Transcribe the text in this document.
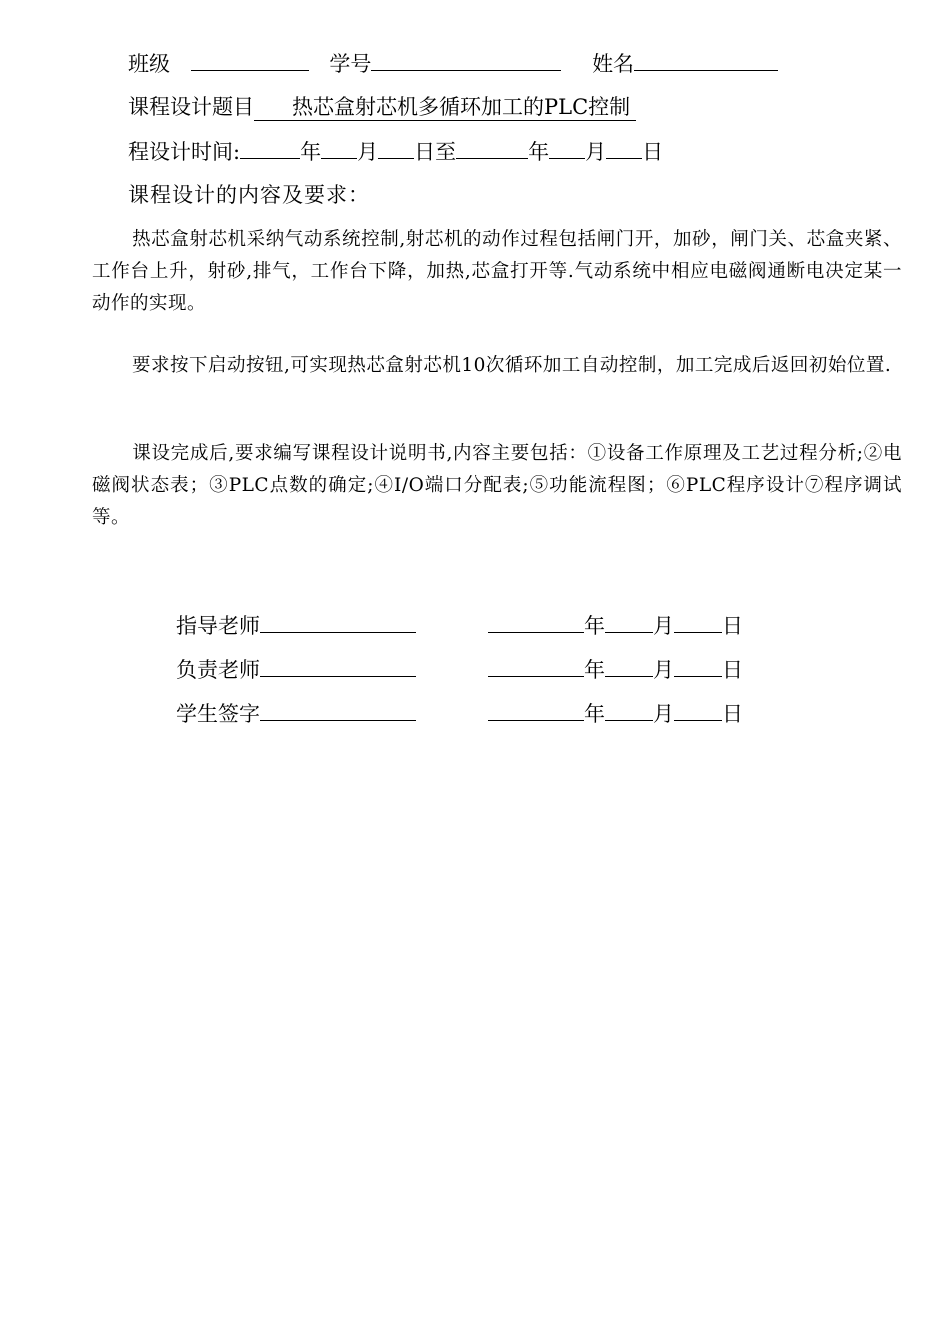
班级	学号	姓名
课程设计题目 热芯盒射芯机多循环加工的PLC控制
程设计时间:	年 月 日至	年 月 日
课程设计的内容及要求：
热芯盒射芯机采纳气动系统控制,射芯机的动作过程包括闸门开，加砂，闸门关、芯盒夹紧、工作台上升，射砂,排气，工作台下降，加热,芯盒打开等.气动系统中相应电磁阀通断电决定某一动作的实现。
要求按下启动按钮,可实现热芯盒射芯机10次循环加工自动控制，加工完成后返回初始位置.
课设完成后,要求编写课程设计说明书,内容主要包括：①设备工作原理及工艺过程分析;②电磁阀状态表；③PLC点数的确定;④I/O端口分配表;⑤功能流程图；⑥PLC程序设计⑦程序调试等。
指导老师	年 月 日
负责老师	年 月 日
学生签字	年 月 日
